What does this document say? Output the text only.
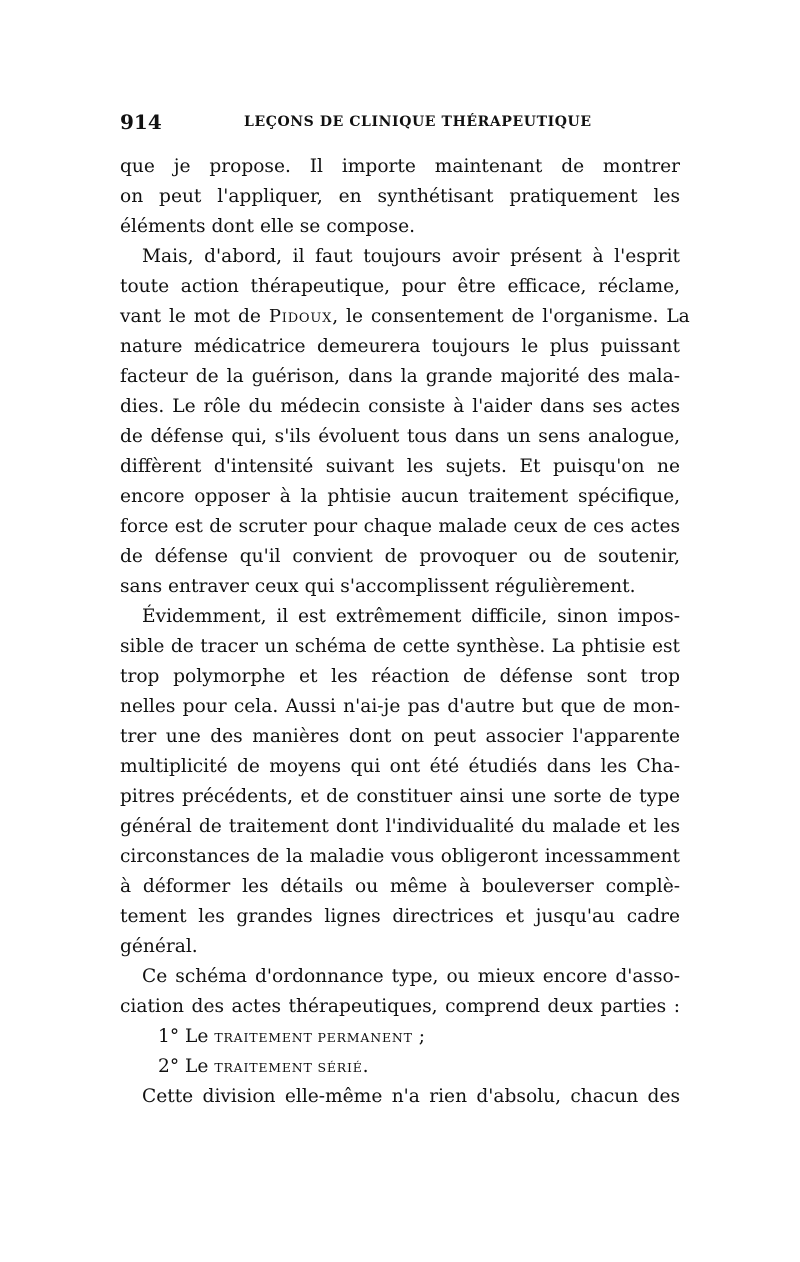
914	LEÇONS DE CLINIQUE THÉRAPEUTIQUE
que je propose. Il importe maintenant de montrer
on peut l'appliquer, en synthétisant pratiquement les
éléments dont elle se compose.
Mais, d'abord, il faut toujours avoir présent à l'esprit
toute action thérapeutique, pour être efficace, réclame,
vant le mot de Pidoux, le consentement de l'organisme. La
nature médicatrice demeurera toujours le plus puissant
facteur de la guérison, dans la grande majorité des mala-
dies. Le rôle du médecin consiste à l'aider dans ses actes
de défense qui, s'ils évoluent tous dans un sens analogue,
diffèrent d'intensité suivant les sujets. Et puisqu'on ne
encore opposer à la phtisie aucun traitement spécifique,
force est de scruter pour chaque malade ceux de ces actes
de défense qu'il convient de provoquer ou de soutenir,
sans entraver ceux qui s'accomplissent régulièrement.
Évidemment, il est extrêmement difficile, sinon impos-
sible de tracer un schéma de cette synthèse. La phtisie est
trop polymorphe et les réaction de défense sont trop
nelles pour cela. Aussi n'ai-je pas d'autre but que de mon-
trer une des manières dont on peut associer l'apparente
multiplicité de moyens qui ont été étudiés dans les Cha-
pitres précédents, et de constituer ainsi une sorte de type
général de traitement dont l'individualité du malade et les
circonstances de la maladie vous obligeront incessamment
à déformer les détails ou même à bouleverser complè-
tement les grandes lignes directrices et jusqu'au cadre
général.
Ce schéma d'ordonnance type, ou mieux encore d'asso-
ciation des actes thérapeutiques, comprend deux parties :
1° Le TRAITEMENT PERMANENT ;
2° Le TRAITEMENT SÉRIÉ.
Cette division elle-même n'a rien d'absolu, chacun des
